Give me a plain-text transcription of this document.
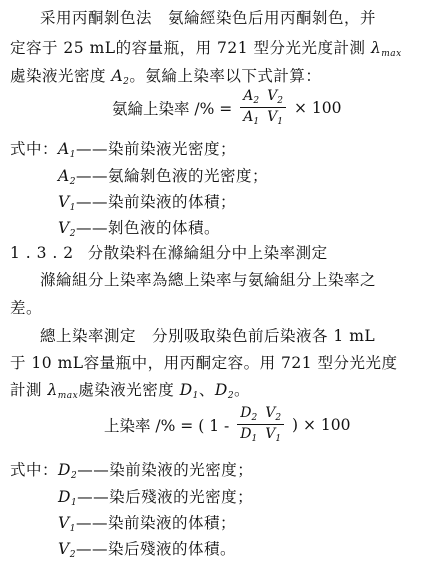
采用丙酮剝色法　氨綸經染色后用丙酮剝色，并
定容于 25 mL的容量瓶，用 721 型分光光度計測 $\lambda_{max}$
處染液光密度 $A_2$。氨綸上染率以下式計算：
氨綸上染率 /% = $\frac{A_2 V_2}{A_1 V_1} \times 100$
式中：$A_1——$染前染液光密度；
$A_2——$氨綸剝色液的光密度；
$V_1——$染前染液的体積；
$V_2——$剝色液的体積。
1 . 3 . 2 分散染料在滌綸組分中上染率測定
滌綸組分上染率為總上染率与氨綸組分上染率之
差。
總上染率測定　分別吸取染色前后染液各 1 mL
于 10 mL容量瓶中，用丙酮定容。用 721 型分光光度
計測 $\lambda_{max}$處染液光密度 $D_1$、$D_2$。
上染率 /% = ( $1 - \frac{D_2 V_2}{D_1 V_1}$ ) × 100
式中：$D_2——$染前染液的光密度；
$D_1——$染后殘液的光密度；
$V_1——$染前染液的体積；
$V_2——$染后殘液的体積。
